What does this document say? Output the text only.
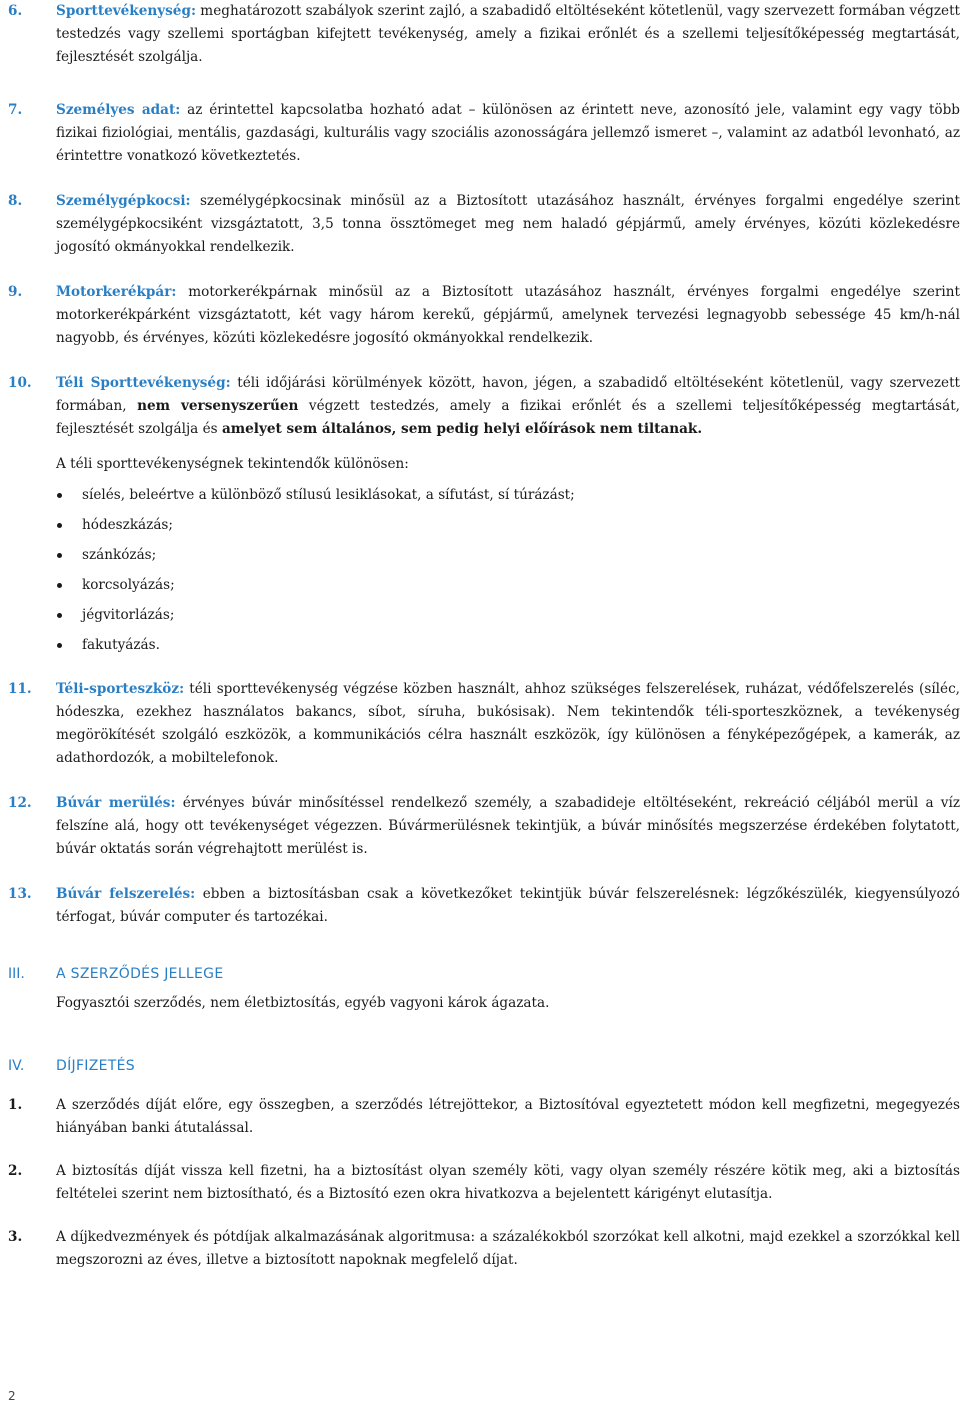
6.	Sporttevékenység: meghatározott szabályok szerint zajló, a szabadidő eltöltéseként kötetlenül, vagy szervezett formában végzett testedzés vagy szellemi sportágban kifejtett tevékenység, amely a fizikai erőnlét és a szellemi teljesítőképesség megtartását, fejlesztését szolgálja.
7.	Személyes adat: az érintettel kapcsolatba hozható adat – különösen az érintett neve, azonosító jele, valamint egy vagy több fizikai fiziológiai, mentális, gazdasági, kulturális vagy szociális azonosságára jellemző ismeret –, valamint az adatból levonható, az érintettre vonatkozó következtetés.
8.	Személygépkocsi: személygépkocsinak minősül az a Biztosított utazásához használt, érvényes forgalmi engedélye szerint személygépkocsiként vizsgáztatott, 3,5 tonna össztömeget meg nem haladó gépjármű, amely érvényes, közúti közlekedésre jogosító okmányokkal rendelkezik.
9.	Motorkerékpár: motorkerékpárnak minősül az a Biztosított utazásához használt, érvényes forgalmi engedélye szerint motorkerékpárként vizsgáztatott, két vagy három kerekű, gépjármű, amelynek tervezési legnagyobb sebessége 45 km/h-nál nagyobb, és érvényes, közúti közlekedésre jogosító okmányokkal rendelkezik.
10.	Téli Sporttevékenység: téli időjárási körülmények között, havon, jégen, a szabadidő eltöltéseként kötetlenül, vagy szervezett formában, nem versenyszerűen végzett testedzés, amely a fizikai erőnlét és a szellemi teljesítőképesség megtartását, fejlesztését szolgálja és amelyet sem általános, sem pedig helyi előírások nem tiltanak.
A téli sporttevékenységnek tekintendők különösen:
síelés, beleértve a különböző stílusú lesiklásokat, a sífutást, sí túrázást;
hódeszkázás;
szánkózás;
korcsolyázás;
jégvitorlázás;
fakutyázás.
11.	Téli-sporteszköz: téli sporttevékenység végzése közben használt, ahhoz szükséges felszerelések, ruházat, védőfelszerelés (síléc, hódeszka, ezekhez használatos bakancs, síbot, síruha, bukósisak). Nem tekintendők téli-sporteszköznek, a tevékenység megörökítését szolgáló eszközök, a kommunikációs célra használt eszközök, így különösen a fényképezőgépek, a kamerák, az adathordozók, a mobiltelefonok.
12.	Búvár merülés: érvényes búvár minősítéssel rendelkező személy, a szabadideje eltöltéseként, rekreáció céljából merül a víz felszíne alá, hogy ott tevékenységet végezzen. Búvármerülésnek tekintjük, a búvár minősítés megszerzése érdekében folytatott, búvár oktatás során végrehajtott merülést is.
13.	Búvár felszerelés: ebben a biztosításban csak a következőket tekintjük búvár felszerelésnek: légzőkészülék, kiegyensúlyozó térfogat, búvár computer és tartozékai.
III.	A SZERZŐDÉS JELLEGE
Fogyasztói szerződés, nem életbiztosítás, egyéb vagyoni károk ágazata.
IV.	DÍJFIZETÉS
1.	A szerződés díját előre, egy összegben, a szerződés létrejöttekor, a Biztosítóval egyeztetett módon kell megfizetni, megegyezés hiányában banki átutalással.
2.	A biztosítás díját vissza kell fizetni, ha a biztosítást olyan személy köti, vagy olyan személy részére kötik meg, aki a biztosítás feltételei szerint nem biztosítható, és a Biztosító ezen okra hivatkozva a bejelentett kárigényt elutasítja.
3.	A díjkedvezmények és pótdíjak alkalmazásának algoritmusa: a százalékokból szorzókat kell alkotni, majd ezekkel a szorzókkal kell megszorozni az éves, illetve a biztosított napoknak megfelelő díjat.
2
